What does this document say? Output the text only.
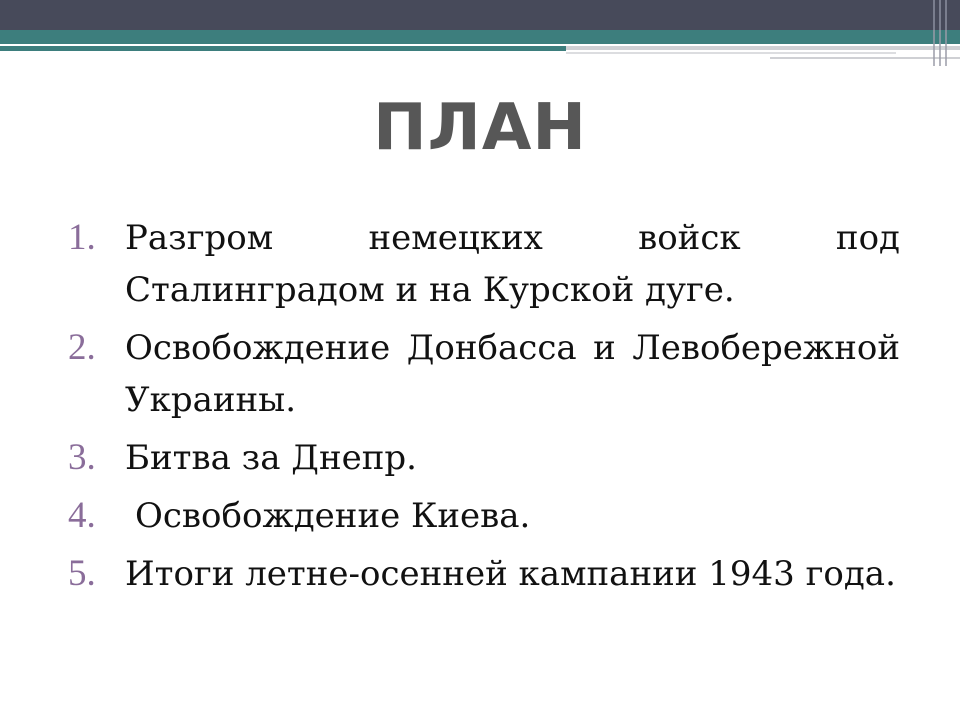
ПЛАН
1. Разгром немецких войск под Сталинградом и на Курской дуге.
2. Освобождение Донбасса и Левобережной Украины.
3. Битва за Днепр.
4.	Освобождение Киева.
5. Итоги летне-осенней кампании 1943 года.
